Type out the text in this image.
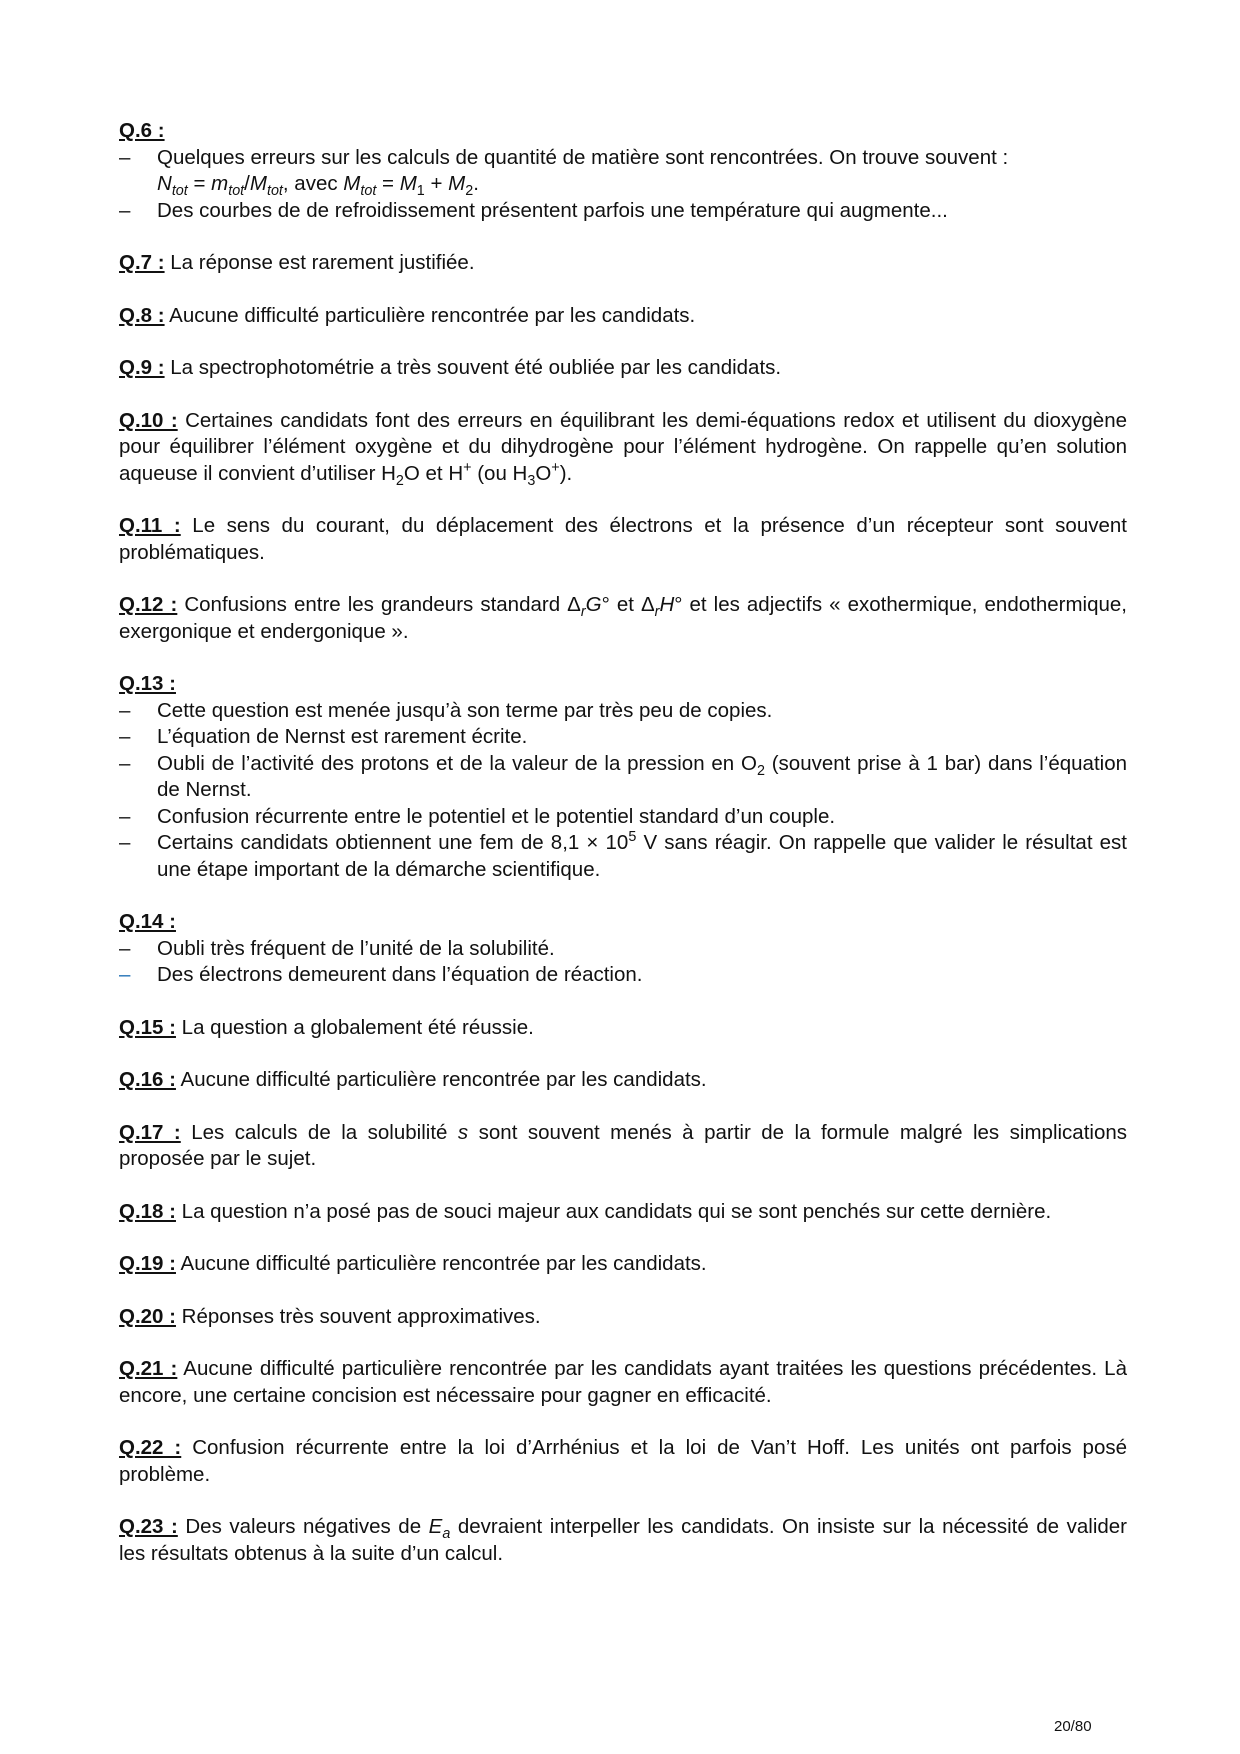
Q.6 :
– Quelques erreurs sur les calculs de quantité de matière sont rencontrées. On trouve souvent :
$N_{tot} = m_{tot}/M_{tot}$, avec $M_{tot} = M_1 + M_2$.
– Des courbes de de refroidissement présentent parfois une température qui augmente...

Q.7 : La réponse est rarement justifiée.

Q.8 : Aucune difficulté particulière rencontrée par les candidats.

Q.9 : La spectrophotométrie a très souvent été oubliée par les candidats.

Q.10 : Certaines candidats font des erreurs en équilibrant les demi-équations redox et utilisent du dioxygène pour équilibrer l’élément oxygène et du dihydrogène pour l’élément hydrogène. On rappelle qu’en solution aqueuse il convient d’utiliser $H_2O$ et H+ (ou $H_3O^+$).

Q.11 : Le sens du courant, du déplacement des électrons et la présence d’un récepteur sont souvent problématiques.

Q.12 : Confusions entre les grandeurs standard $\Delta_rG^\circ$ et $\Delta_rH^\circ$ et les adjectifs « exothermique, endothermique, exergonique et endergonique ».

Q.13 :
– Cette question est menée jusqu’à son terme par très peu de copies.
– L’équation de Nernst est rarement écrite.
– Oubli de l’activité des protons et de la valeur de la pression en $O_2$ (souvent prise à 1 bar) dans l’équation de Nernst.
– Confusion récurrente entre le potentiel et le potentiel standard d’un couple.
– Certains candidats obtiennent une fem de $8,1 \times 10^5$ V sans réagir. On rappelle que valider le résultat est une étape important de la démarche scientifique.
Q.14 :
– Oubli très fréquent de l’unité de la solubilité.
– Des électrons demeurent dans l’équation de réaction.

Q.15 : La question a globalement été réussie.

Q.16 : Aucune difficulté particulière rencontrée par les candidats.

Q.17 : Les calculs de la solubilité s sont souvent menés à partir de la formule malgré les simplications proposée par le sujet.

Q.18 : La question n’a posé pas de souci majeur aux candidats qui se sont penchés sur cette dernière.

Q.19 : Aucune difficulté particulière rencontrée par les candidats.

Q.20 : Réponses très souvent approximatives.

Q.21 : Aucune difficulté particulière rencontrée par les candidats ayant traitées les questions précédentes. Là encore, une certaine concision est nécessaire pour gagner en efficacité.

Q.22 : Confusion récurrente entre la loi d’Arrhénius et la loi de Van’t Hoff. Les unités ont parfois posé problème.

Q.23 : Des valeurs négatives de $E_a$ devraient interpeller les candidats. On insiste sur la nécessité de valider les résultats obtenus à la suite d’un calcul.

20/80
